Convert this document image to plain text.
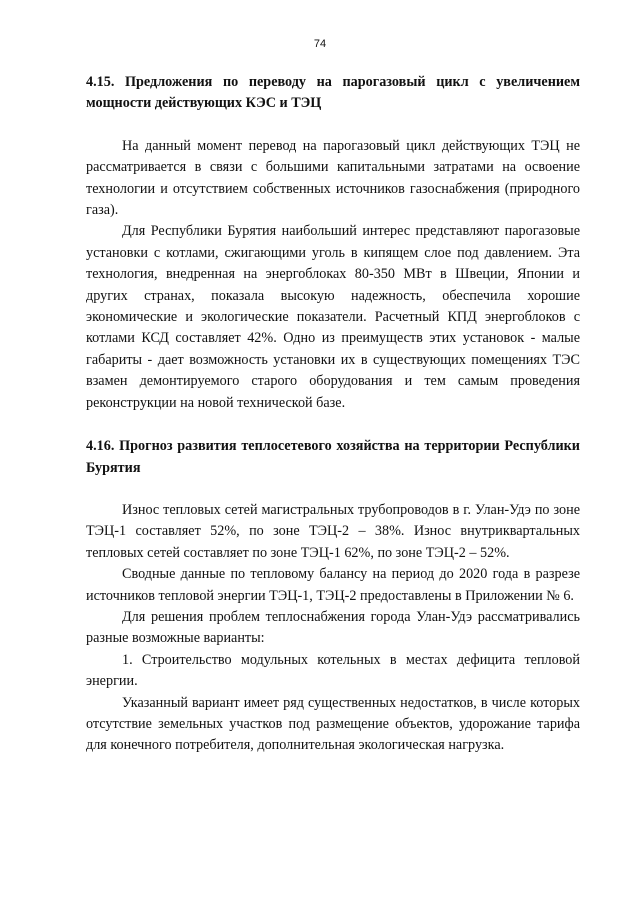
74

4.15. Предложения по переводу на парогазовый цикл с увеличением мощности действующих КЭС и ТЭЦ

На данный момент перевод на парогазовый цикл действующих ТЭЦ не рассматривается в связи с большими капитальными затратами на освоение технологии и отсутствием собственных источников газоснабжения (природного газа).

Для Республики Бурятия наибольший интерес представляют парогазовые установки с котлами, сжигающими уголь в кипящем слое под давлением. Эта технология, внедренная на энергоблоках 80-350 МВт в Швеции, Японии и других странах, показала высокую надежность, обеспечила хорошие экономические и экологические показатели. Расчетный КПД энергоблоков с котлами КСД составляет 42%. Одно из преимуществ этих установок - малые габариты - дает возможность установки их в существующих помещениях ТЭС взамен демонтируемого старого оборудования и тем самым проведения реконструкции на новой технической базе.

4.16. Прогноз развития теплосетевого хозяйства на территории Республики Бурятия

Износ тепловых сетей магистральных трубопроводов в г. Улан-Удэ по зоне ТЭЦ-1 составляет 52%, по зоне ТЭЦ-2 – 38%. Износ внутриквартальных тепловых сетей составляет по зоне ТЭЦ-1 62%, по зоне ТЭЦ-2 – 52%.

Сводные данные по тепловому балансу на период до 2020 года в разрезе источников тепловой энергии ТЭЦ-1, ТЭЦ-2 предоставлены в Приложении № 6.

Для решения проблем теплоснабжения города Улан-Удэ рассматривались разные возможные варианты:

1. Строительство модульных котельных в местах дефицита тепловой энергии.

Указанный вариант имеет ряд существенных недостатков, в числе которых отсутствие земельных участков под размещение объектов, удорожание тарифа для конечного потребителя, дополнительная экологическая нагрузка.
